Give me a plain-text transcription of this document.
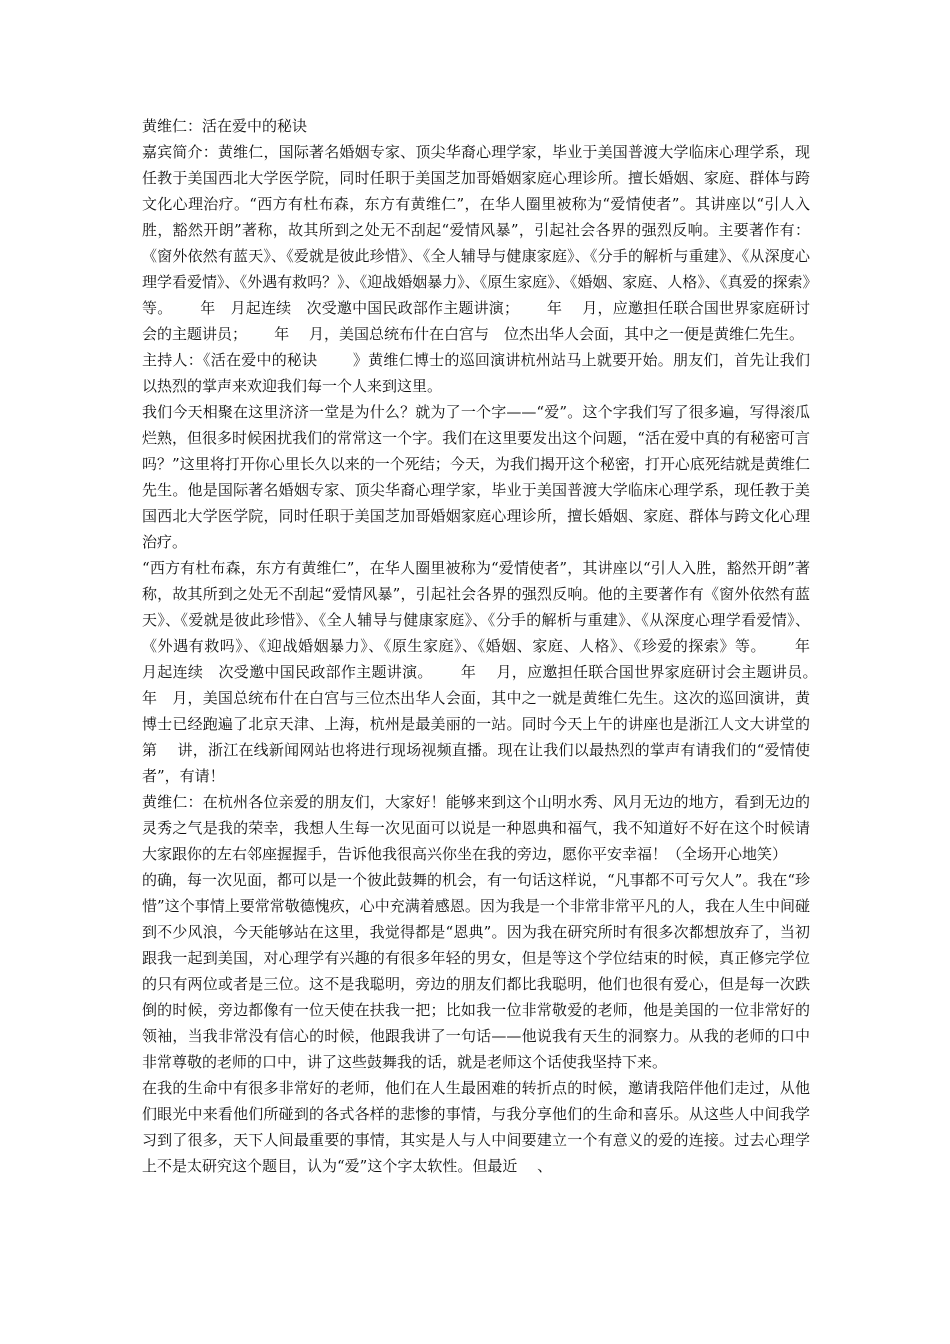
黄维仁：活在爱中的秘诀

嘉宾简介：黄维仁，国际著名婚姻专家、顶尖华裔心理学家，毕业于美国普渡大学临床心理学系，现任教于美国西北大学医学院，同时任职于美国芝加哥婚姻家庭心理诊所。擅长婚姻、家庭、群体与跨文化心理治疗。“西方有杜布森，东方有黄维仁”，在华人圈里被称为“爱情使者”。其讲座以“引人入胜，豁然开朗”著称，故其所到之处无不刮起“爱情风暴”，引起社会各界的强烈反响。主要著作有：《窗外依然有蓝天》、《爱就是彼此珍惜》、《全人辅导与健康家庭》、《分手的解析与重建》、《从深度心理学看爱情》、《外遇有救吗？》、《迎战婚姻暴力》、《原生家庭》、《婚姻、家庭、人格》、《真爱的探索》等。　　 年　月起连续　次受邀中国民政部作主题讲演；　　 年　 月，应邀担任联合国世界家庭研讨会的主题讲员；　　 年　 月，美国总统布什在白宫与　位杰出华人会面，其中之一便是黄维仁先生。

主持人：《活在爱中的秘诀　　 》黄维仁博士的巡回演讲杭州站马上就要开始。朋友们，首先让我们以热烈的掌声来欢迎我们每一个人来到这里。

我们今天相聚在这里济济一堂是为什么？就为了一个字——“爱”。这个字我们写了很多遍，写得滚瓜烂熟，但很多时候困扰我们的常常这一个字。我们在这里要发出这个问题，“活在爱中真的有秘密可言吗？”这里将打开你心里长久以来的一个死结；今天，为我们揭开这个秘密，打开心底死结就是黄维仁先生。他是国际著名婚姻专家、顶尖华裔心理学家，毕业于美国普渡大学临床心理学系，现任教于美国西北大学医学院，同时任职于美国芝加哥婚姻家庭心理诊所，擅长婚姻、家庭、群体与跨文化心理治疗。

“西方有杜布森，东方有黄维仁”，在华人圈里被称为“爱情使者”，其讲座以“引人入胜，豁然开朗”著称，故其所到之处无不刮起“爱情风暴”，引起社会各界的强烈反响。他的主要著作有《窗外依然有蓝天》、《爱就是彼此珍惜》、《全人辅导与健康家庭》、《分手的解析与重建》、《从深度心理学看爱情》、《外遇有救吗》、《迎战婚姻暴力》、《原生家庭》、《婚姻、家庭、人格》、《珍爱的探索》等。　　 年　 月起连续　次受邀中国民政部作主题讲演。　　 年　 月，应邀担任联合国世界家庭研讨会主题讲员。　　 年　月，美国总统布什在白宫与三位杰出华人会面，其中之一就是黄维仁先生。这次的巡回演讲，黄博士已经跑遍了北京天津、上海，杭州是最美丽的一站。同时今天上午的讲座也是浙江人文大讲堂的第　 讲，浙江在线新闻网站也将进行现场视频直播。现在让我们以最热烈的掌声有请我们的“爱情使者”，有请！

黄维仁：在杭州各位亲爱的朋友们，大家好！能够来到这个山明水秀、风月无边的地方，看到无边的灵秀之气是我的荣幸，我想人生每一次见面可以说是一种恩典和福气，我不知道好不好在这个时候请大家跟你的左右邻座握握手，告诉他我很高兴你坐在我的旁边，愿你平安幸福！（全场开心地笑）

的确，每一次见面，都可以是一个彼此鼓舞的机会，有一句话这样说，“凡事都不可亏欠人”。我在“珍惜”这个事情上要常常敬德愧疚，心中充满着感恩。因为我是一个非常非常平凡的人，我在人生中间碰到不少风浪，今天能够站在这里，我觉得都是“恩典”。因为我在研究所时有很多次都想放弃了，当初跟我一起到美国，对心理学有兴趣的有很多年轻的男女，但是等这个学位结束的时候，真正修完学位的只有两位或者是三位。这不是我聪明，旁边的朋友们都比我聪明，他们也很有爱心，但是每一次跌倒的时候，旁边都像有一位天使在扶我一把；比如我一位非常敬爱的老师，他是美国的一位非常好的领袖，当我非常没有信心的时候，他跟我讲了一句话——他说我有天生的洞察力。从我的老师的口中非常尊敬的老师的口中，讲了这些鼓舞我的话，就是老师这个话使我坚持下来。

在我的生命中有很多非常好的老师，他们在人生最困难的转折点的时候，邀请我陪伴他们走过，从他们眼光中来看他们所碰到的各式各样的悲惨的事情，与我分享他们的生命和喜乐。从这些人中间我学习到了很多，天下人间最重要的事情，其实是人与人中间要建立一个有意义的爱的连接。过去心理学上不是太研究这个题目，认为“爱”这个字太软性。但最近　 、
